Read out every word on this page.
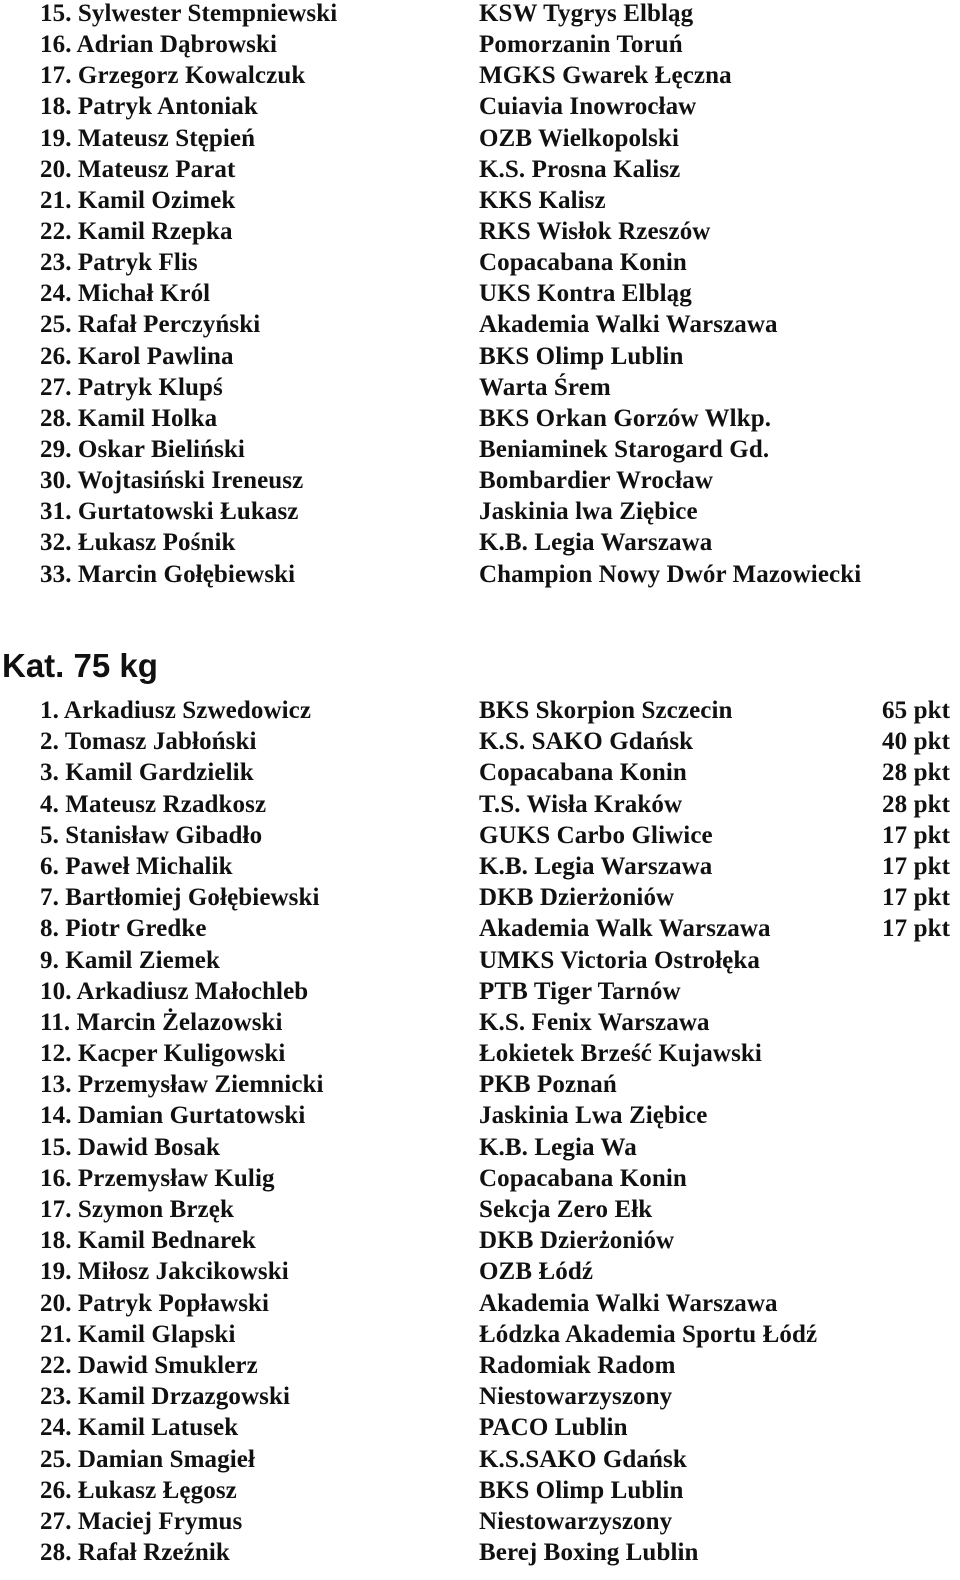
15. Sylwester Stempniewski	KSW Tygrys Elbląg
16. Adrian Dąbrowski	Pomorzanin Toruń
17. Grzegorz Kowalczuk	MGKS Gwarek Łęczna
18. Patryk Antoniak	Cuiavia Inowrocław
19. Mateusz Stępień	OZB Wielkopolski
20. Mateusz Parat	K.S. Prosna Kalisz
21. Kamil Ozimek	KKS Kalisz
22. Kamil Rzepka	RKS Wisłok Rzeszów
23. Patryk Flis	Copacabana Konin
24. Michał Król	UKS Kontra Elbląg
25. Rafał Perczyński	Akademia Walki Warszawa
26. Karol Pawlina	BKS Olimp Lublin
27. Patryk Klupś	Warta Śrem
28. Kamil Holka	BKS Orkan Gorzów Wlkp.
29. Oskar Bieliński	Beniaminek Starogard Gd.
30. Wojtasiński Ireneusz	Bombardier Wrocław
31. Gurtatowski Łukasz	Jaskinia lwa Ziębice
32. Łukasz Pośnik	K.B. Legia Warszawa
33. Marcin Gołębiewski	Champion Nowy Dwór Mazowiecki
Kat. 75 kg
1. Arkadiusz Szwedowicz	BKS Skorpion Szczecin	65 pkt
2. Tomasz Jabłoński	K.S. SAKO Gdańsk	40 pkt
3. Kamil Gardzielik	Copacabana Konin	28 pkt
4. Mateusz Rzadkosz	T.S. Wisła Kraków	28 pkt
5. Stanisław Gibadło	GUKS Carbo Gliwice	17 pkt
6. Paweł Michalik	K.B. Legia Warszawa	17 pkt
7. Bartłomiej Gołębiewski	DKB Dzierżoniów	17 pkt
8. Piotr Gredke	Akademia Walk Warszawa	17 pkt
9. Kamil Ziemek	UMKS Victoria Ostrołęka
10. Arkadiusz Małochleb	PTB Tiger Tarnów
11. Marcin Żelazowski	K.S. Fenix Warszawa
12. Kacper Kuligowski	Łokietek Brześć Kujawski
13. Przemysław Ziemnicki	PKB Poznań
14. Damian Gurtatowski	Jaskinia Lwa Ziębice
15. Dawid Bosak	K.B. Legia Wa
16. Przemysław Kulig	Copacabana Konin
17. Szymon Brzęk	Sekcja Zero Ełk
18. Kamil Bednarek	DKB Dzierżoniów
19. Miłosz Jakcikowski	OZB Łódź
20. Patryk Popławski	Akademia Walki Warszawa
21. Kamil Glapski	Łódzka Akademia Sportu Łódź
22. Dawid Smuklerz	Radomiak Radom
23. Kamil Drzazgowski	Niestowarzyszony
24. Kamil Latusek	PACO Lublin
25. Damian Smagieł	K.S.SAKO Gdańsk
26. Łukasz Łęgosz	BKS Olimp Lublin
27. Maciej Frymus	Niestowarzyszony
28. Rafał Rzeźnik	Berej Boxing Lublin
